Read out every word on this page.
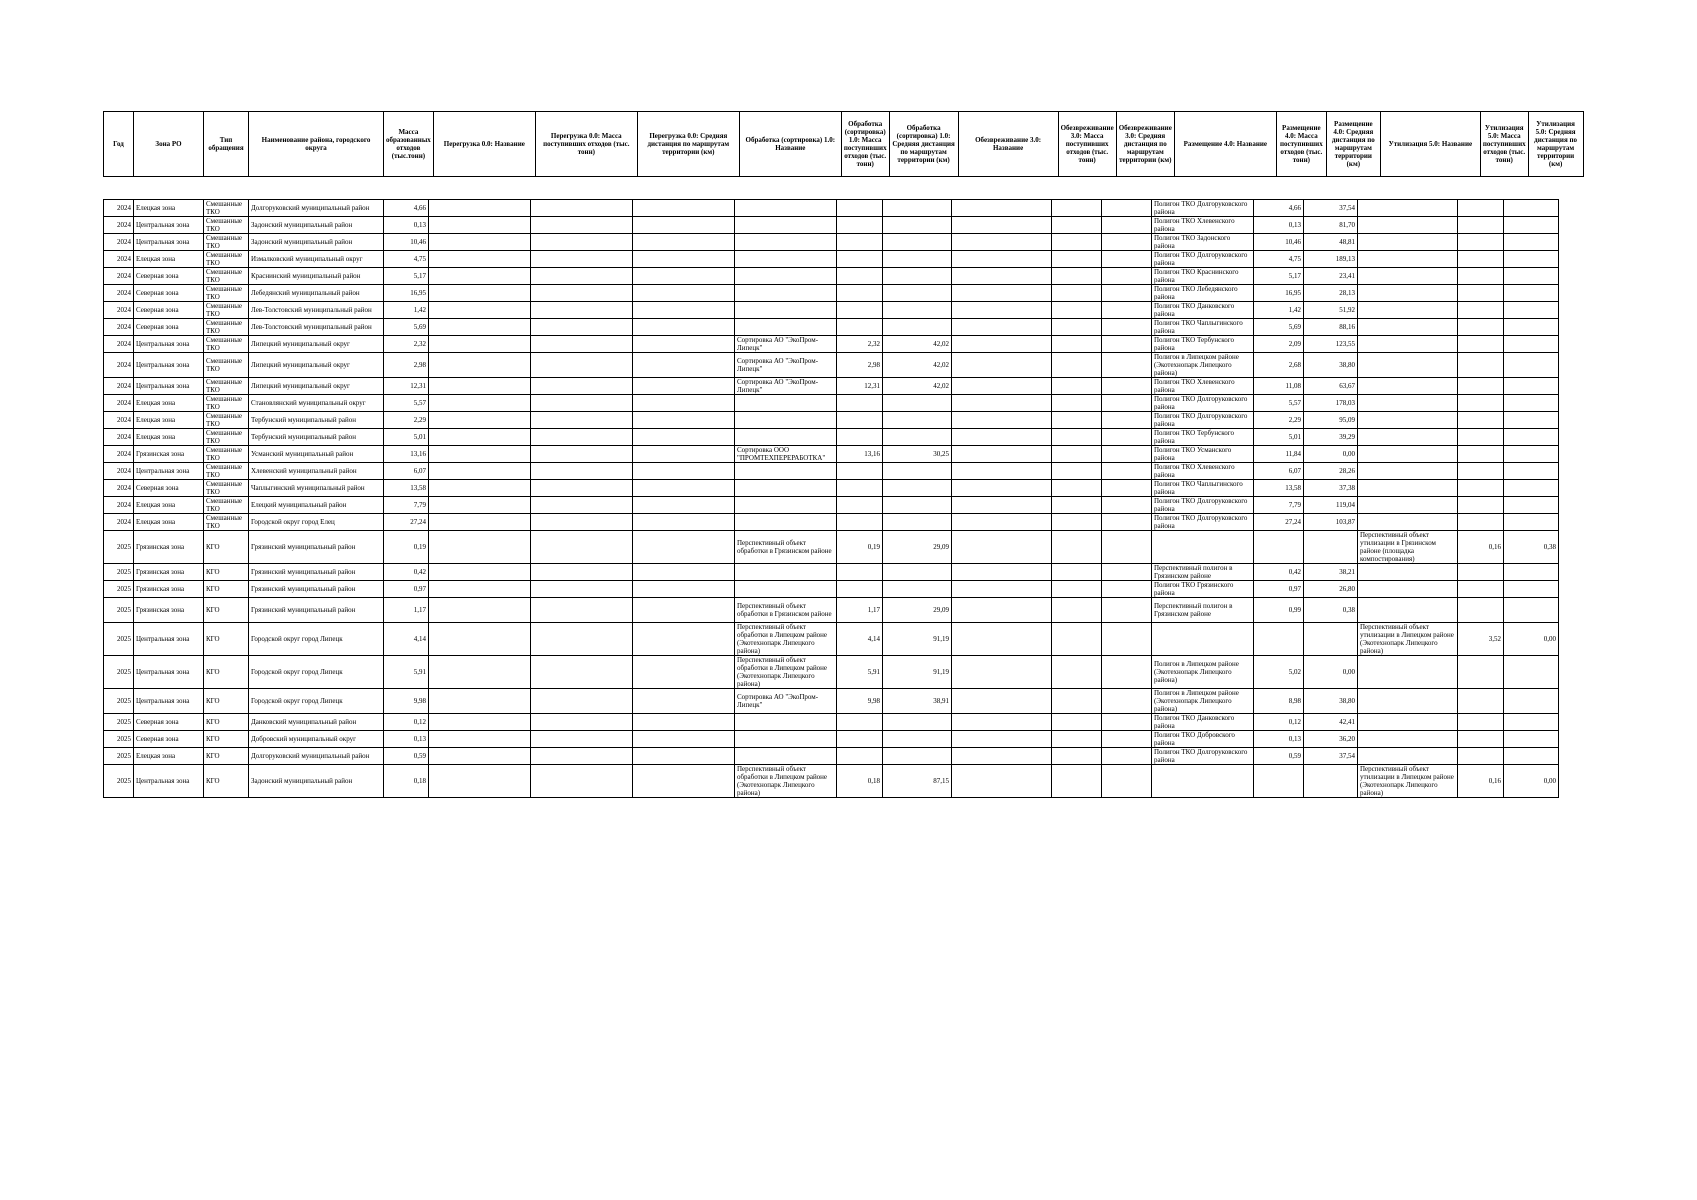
Год	Зона РО	Тип обращения	Наименование района, городского округа	Масса образованных отходов (тыс.тонн)	Перегрузка 0.0: Название	Перегрузка 0.0: Масса поступивших отходов (тыс. тонн)	Перегрузка 0.0: Средняя дистанция по маршрутам территории (км)	Обработка (сортировка) 1.0: Название	Обработка (сортировка) 1.0: Масса поступивших отходов (тыс. тонн)	Обработка (сортировка) 1.0: Средняя дистанция по маршрутам территории (км)	Обезвреживание 3.0: Название	Обезвреживание 3.0: Масса поступивших отходов (тыс. тонн)	Обезвреживание 3.0: Средняя дистанция по маршрутам территории (км)	Размещение 4.0: Название	Размещение 4.0: Масса поступивших отходов (тыс. тонн)	Размещение 4.0: Средняя дистанция по маршрутам территории (км)	Утилизация 5.0: Название	Утилизация 5.0: Масса поступивших отходов (тыс. тонн)	Утилизация 5.0: Средняя дистанция по маршрутам территории (км)
2024	Елецкая зона	Смешанные ТКО	Долгоруковский муниципальный район	4,66										Полигон ТКО Долгоруковского района	4,66	37,54			
2024	Центральная зона	Смешанные ТКО	Задонский муниципальный район	0,13										Полигон ТКО Хлевенского района	0,13	81,70			
2024	Центральная зона	Смешанные ТКО	Задонский муниципальный район	10,46										Полигон ТКО Задонского района	10,46	48,81			
2024	Елецкая зона	Смешанные ТКО	Измалковский муниципальный округ	4,75										Полигон ТКО Долгоруковского района	4,75	189,13			
2024	Северная зона	Смешанные ТКО	Краснинский муниципальный район	5,17										Полигон ТКО Краснинского района	5,17	23,41			
2024	Северная зона	Смешанные ТКО	Лебедянский муниципальный район	16,95										Полигон ТКО Лебедянского района	16,95	28,13			
2024	Северная зона	Смешанные ТКО	Лев-Толстовский муниципальный район	1,42										Полигон ТКО Данковского района	1,42	51,92			
2024	Северная зона	Смешанные ТКО	Лев-Толстовский муниципальный район	5,69										Полигон ТКО Чаплыгинского района	5,69	88,16			
2024	Центральная зона	Смешанные ТКО	Липецкий муниципальный округ	2,32				Сортировка АО "ЭкоПром-Липецк"	2,32	42,02				Полигон ТКО Тербунского района	2,09	123,55			
2024	Центральная зона	Смешанные ТКО	Липецкий муниципальный округ	2,98				Сортировка АО "ЭкоПром-Липецк"	2,98	42,02				Полигон в Липецком районе (Экотехнопарк Липецкого района)	2,68	38,80			
2024	Центральная зона	Смешанные ТКО	Липецкий муниципальный округ	12,31				Сортировка АО "ЭкоПром-Липецк"	12,31	42,02				Полигон ТКО Хлевенского района	11,08	63,67			
2024	Елецкая зона	Смешанные ТКО	Становлянский муниципальный округ	5,57										Полигон ТКО Долгоруковского района	5,57	178,03			
2024	Елецкая зона	Смешанные ТКО	Тербунский муниципальный район	2,29										Полигон ТКО Долгоруковского района	2,29	95,09			
2024	Елецкая зона	Смешанные ТКО	Тербунский муниципальный район	5,01										Полигон ТКО Тербунского района	5,01	39,29			
2024	Грязинская зона	Смешанные ТКО	Усманский муниципальный район	13,16				Сортировка ООО "ПРОМТЕХПЕРЕРАБОТКА"	13,16	30,25				Полигон ТКО Усманского района	11,84	0,00			
2024	Центральная зона	Смешанные ТКО	Хлевенский муниципальный район	6,07										Полигон ТКО Хлевенского района	6,07	28,26			
2024	Северная зона	Смешанные ТКО	Чаплыгинский муниципальный район	13,58										Полигон ТКО Чаплыгинского района	13,58	37,38			
2024	Елецкая зона	Смешанные ТКО	Елецкий муниципальный район	7,79										Полигон ТКО Долгоруковского района	7,79	119,04			
2024	Елецкая зона	Смешанные ТКО	Городской округ город Елец	27,24										Полигон ТКО Долгоруковского района	27,24	103,87			
2025	Грязинская зона	КГО	Грязинский муниципальный район	0,19				Перспективный объект обработки в Грязинском районе	0,19	29,09							Перспективный объект утилизации в Грязинском районе (площадка компостирования)	0,16	0,38
2025	Грязинская зона	КГО	Грязинский муниципальный район	0,42										Перспективный полигон в Грязинском районе	0,42	38,21			
2025	Грязинская зона	КГО	Грязинский муниципальный район	0,97										Полигон ТКО Грязинского района	0,97	26,80			
2025	Грязинская зона	КГО	Грязинский муниципальный район	1,17				Перспективный объект обработки в Грязинском районе	1,17	29,09				Перспективный полигон в Грязинском районе	0,99	0,38			
2025	Центральная зона	КГО	Городской округ город Липецк	4,14				Перспективный объект обработки в Липецком районе (Экотехнопарк Липецкого района)	4,14	91,19							Перспективный объект утилизации в Липецком районе (Экотехнопарк Липецкого района)	3,52	0,00
2025	Центральная зона	КГО	Городской округ город Липецк	5,91				Перспективный объект обработки в Липецком районе (Экотехнопарк Липецкого района)	5,91	91,19				Полигон в Липецком районе (Экотехнопарк Липецкого района)	5,02	0,00			
2025	Центральная зона	КГО	Городской округ город Липецк	9,98				Сортировка АО "ЭкоПром-Липецк"	9,98	38,91				Полигон в Липецком районе (Экотехнопарк Липецкого района)	8,98	38,80			
2025	Северная зона	КГО	Данковский муниципальный район	0,12										Полигон ТКО Данковского района	0,12	42,41			
2025	Северная зона	КГО	Добровский муниципальный округ	0,13										Полигон ТКО Добровского района	0,13	36,20			
2025	Елецкая зона	КГО	Долгоруковский муниципальный район	0,59										Полигон ТКО Долгоруковского района	0,59	37,54			
2025	Центральная зона	КГО	Задонский муниципальный район	0,18				Перспективный объект обработки в Липецком районе (Экотехнопарк Липецкого района)	0,18	87,15							Перспективный объект утилизации в Липецком районе (Экотехнопарк Липецкого района)	0,16	0,00
